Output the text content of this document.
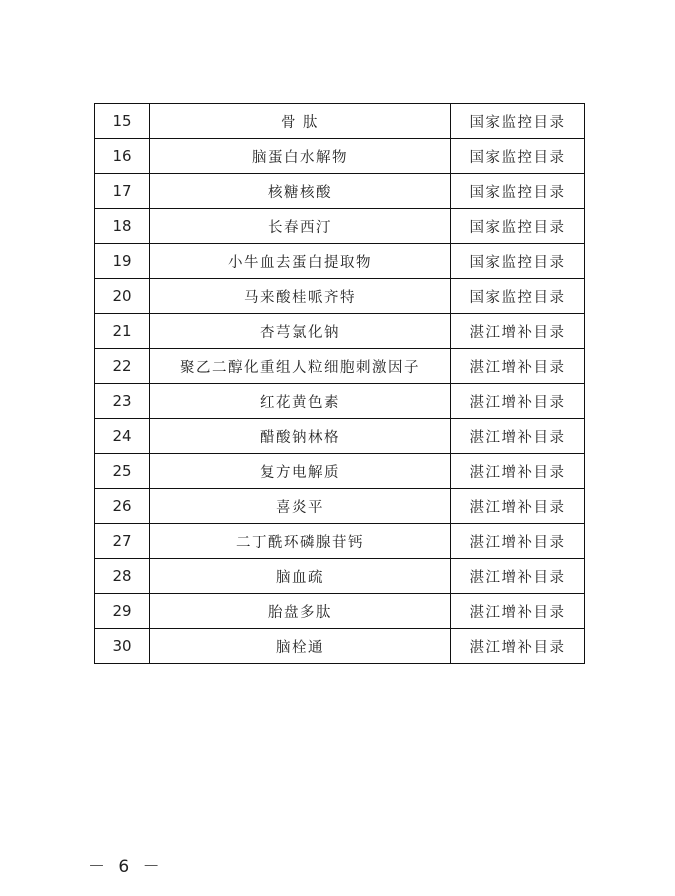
15	骨 肽	国家监控目录
16	脑蛋白水解物	国家监控目录
17	核糖核酸	国家监控目录
18	长春西汀	国家监控目录
19	小牛血去蛋白提取物	国家监控目录
20	马来酸桂哌齐特	国家监控目录
21	杏芎氯化钠	湛江增补目录
22	聚乙二醇化重组人粒细胞刺激因子	湛江增补目录
23	红花黄色素	湛江增补目录
24	醋酸钠林格	湛江增补目录
25	复方电解质	湛江增补目录
26	喜炎平	湛江增补目录
27	二丁酰环磷腺苷钙	湛江增补目录
28	脑血疏	湛江增补目录
29	胎盘多肽	湛江增补目录
30	脑栓通	湛江增补目录
－ 6 －
